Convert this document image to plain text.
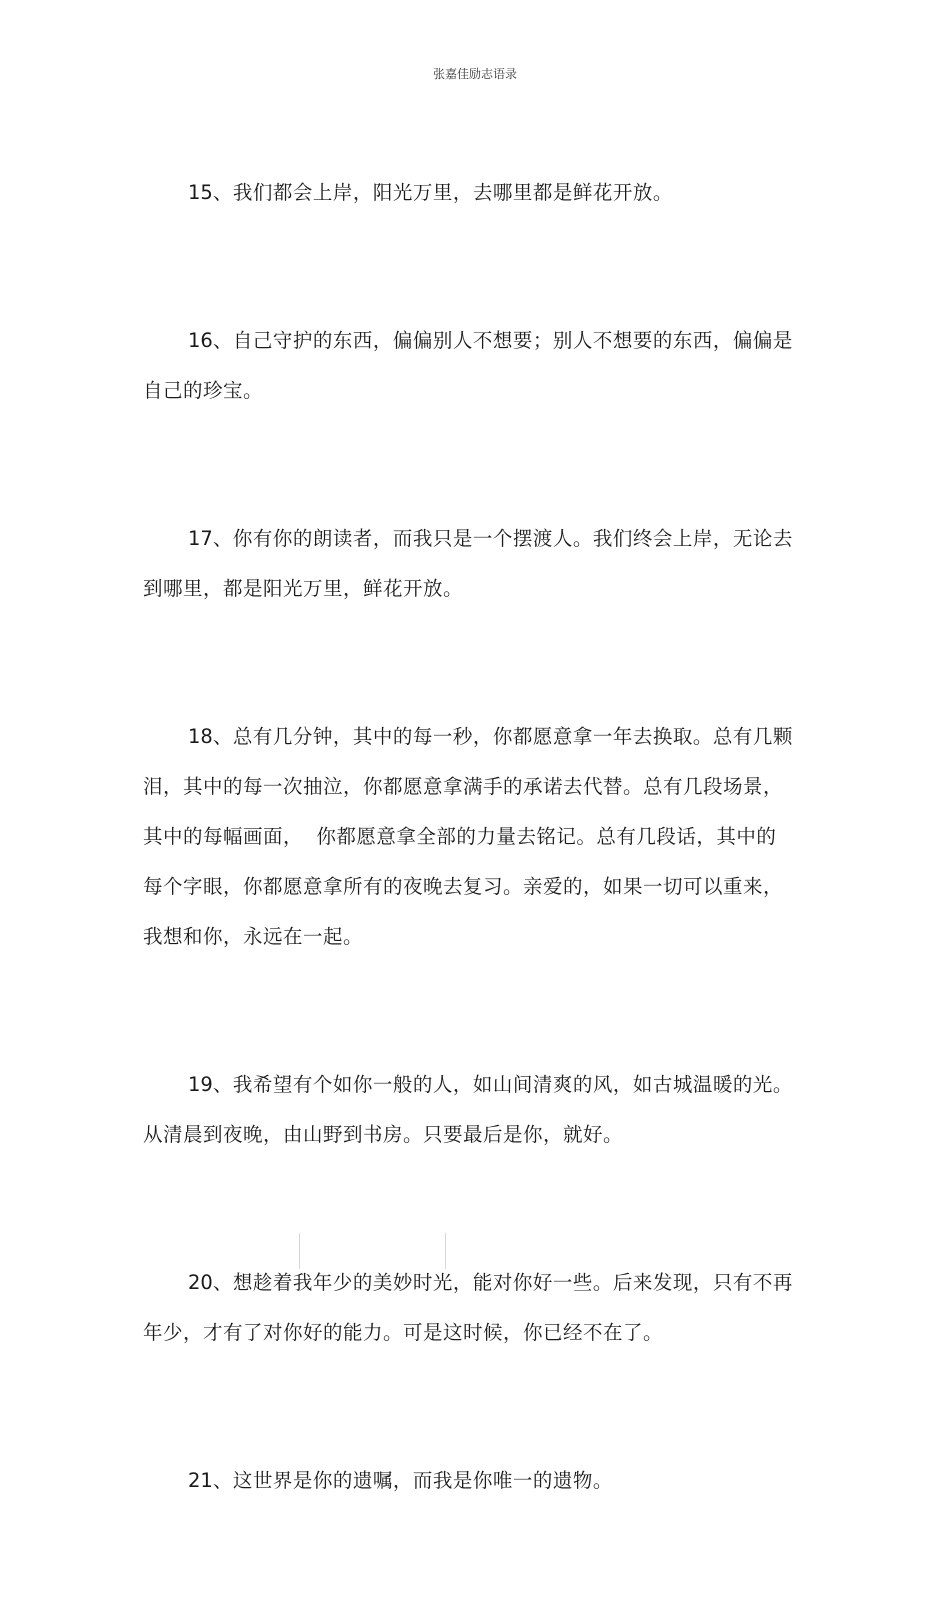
张嘉佳励志语录

15、我们都会上岸，阳光万里，去哪里都是鲜花开放。

16、自己守护的东西，偏偏别人不想要；别人不想要的东西，偏偏是自己的珍宝。

17、你有你的朗读者，而我只是一个摆渡人。我们终会上岸，无论去到哪里，都是阳光万里，鲜花开放。

18、总有几分钟，其中的每一秒，你都愿意拿一年去换取。总有几颗泪，其中的每一次抽泣，你都愿意拿满手的承诺去代替。总有几段场景，其中的每幅画面，  你都愿意拿全部的力量去铭记。总有几段话，其中的每个字眼，你都愿意拿所有的夜晚去复习。亲爱的，如果一切可以重来，我想和你，永远在一起。

19、我希望有个如你一般的人，如山间清爽的风，如古城温暖的光。从清晨到夜晚，由山野到书房。只要最后是你，就好。

20、想趁着我年少的美妙时光，能对你好一些。后来发现，只有不再年少，才有了对你好的能力。可是这时候，你已经不在了。

21、这世界是你的遗嘱，而我是你唯一的遗物。
